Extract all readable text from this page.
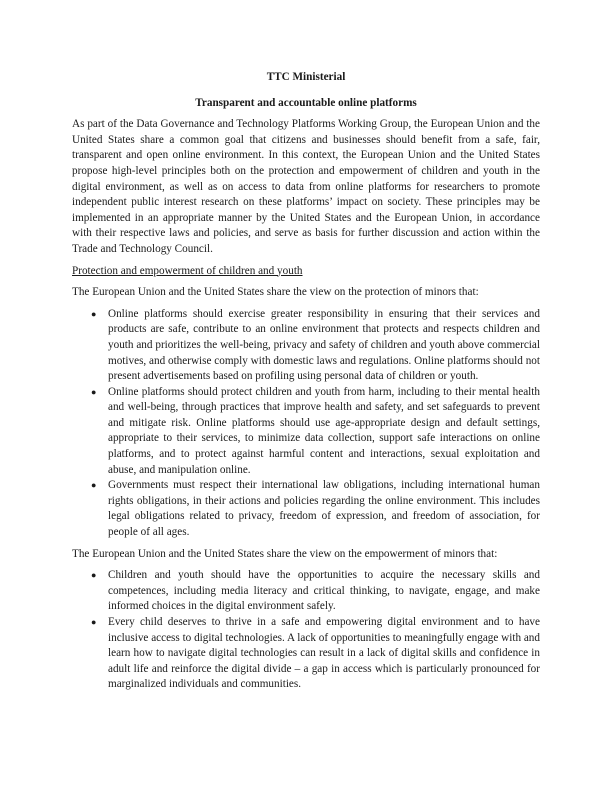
TTC Ministerial
Transparent and accountable online platforms

As part of the Data Governance and Technology Platforms Working Group, the European Union and the United States share a common goal that citizens and businesses should benefit from a safe, fair, transparent and open online environment. In this context, the European Union and the United States propose high-level principles both on the protection and empowerment of children and youth in the digital environment, as well as on access to data from online platforms for researchers to promote independent public interest research on these platforms’ impact on society. These principles may be implemented in an appropriate manner by the United States and the European Union, in accordance with their respective laws and policies, and serve as basis for further discussion and action within the Trade and Technology Council.

Protection and empowerment of children and youth

The European Union and the United States share the view on the protection of minors that:

● Online platforms should exercise greater responsibility in ensuring that their services and products are safe, contribute to an online environment that protects and respects children and youth and prioritizes the well-being, privacy and safety of children and youth above commercial motives, and otherwise comply with domestic laws and regulations. Online platforms should not present advertisements based on profiling using personal data of children or youth.
● Online platforms should protect children and youth from harm, including to their mental health and well-being, through practices that improve health and safety, and set safeguards to prevent and mitigate risk. Online platforms should use age-appropriate design and default settings, appropriate to their services, to minimize data collection, support safe interactions on online platforms, and to protect against harmful content and interactions, sexual exploitation and abuse, and manipulation online.
● Governments must respect their international law obligations, including international human rights obligations, in their actions and policies regarding the online environment. This includes legal obligations related to privacy, freedom of expression, and freedom of association, for people of all ages.

The European Union and the United States share the view on the empowerment of minors that:

● Children and youth should have the opportunities to acquire the necessary skills and competences, including media literacy and critical thinking, to navigate, engage, and make informed choices in the digital environment safely.
● Every child deserves to thrive in a safe and empowering digital environment and to have inclusive access to digital technologies. A lack of opportunities to meaningfully engage with and learn how to navigate digital technologies can result in a lack of digital skills and confidence in adult life and reinforce the digital divide – a gap in access which is particularly pronounced for marginalized individuals and communities.
